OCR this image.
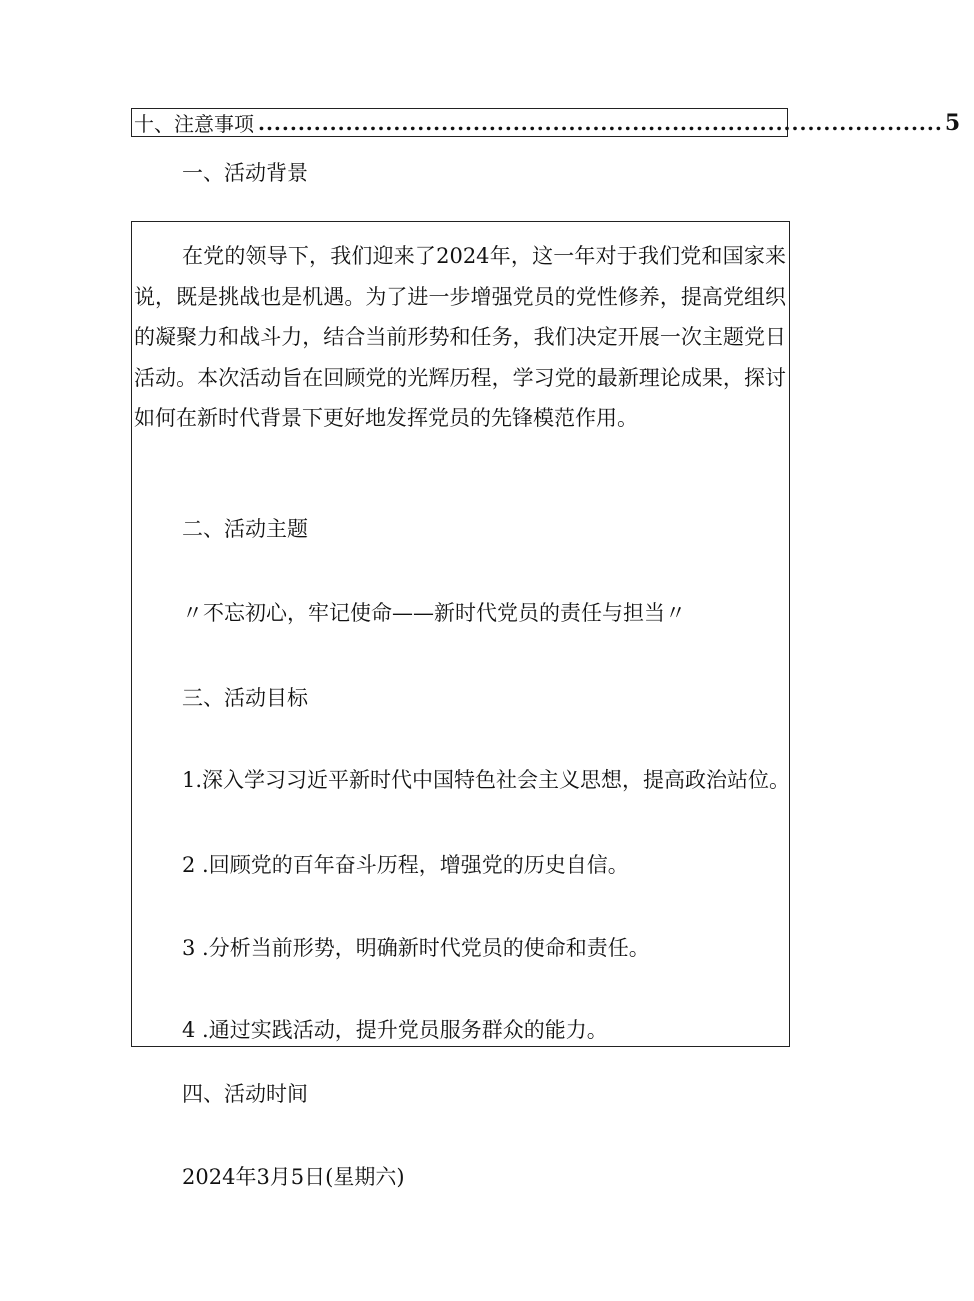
十、注意事项 ...................................................................................... 5
一、活动背景

在党的领导下，我们迎来了2024年，这一年对于我们党和国家来说，既是挑战也是机遇。为了进一步增强党员的党性修养，提高党组织的凝聚力和战斗力，结合当前形势和任务，我们决定开展一次主题党日活动。本次活动旨在回顾党的光辉历程，学习党的最新理论成果，探讨如何在新时代背景下更好地发挥党员的先锋模范作用。

二、活动主题
〃不忘初心，牢记使命——新时代党员的责任与担当〃
三、活动目标
1.深入学习习近平新时代中国特色社会主义思想，提高政治站位。
2 .回顾党的百年奋斗历程，增强党的历史自信。
3 .分析当前形势，明确新时代党员的使命和责任。
4 .通过实践活动，提升党员服务群众的能力。
四、活动时间
2024年3月5日(星期六)
